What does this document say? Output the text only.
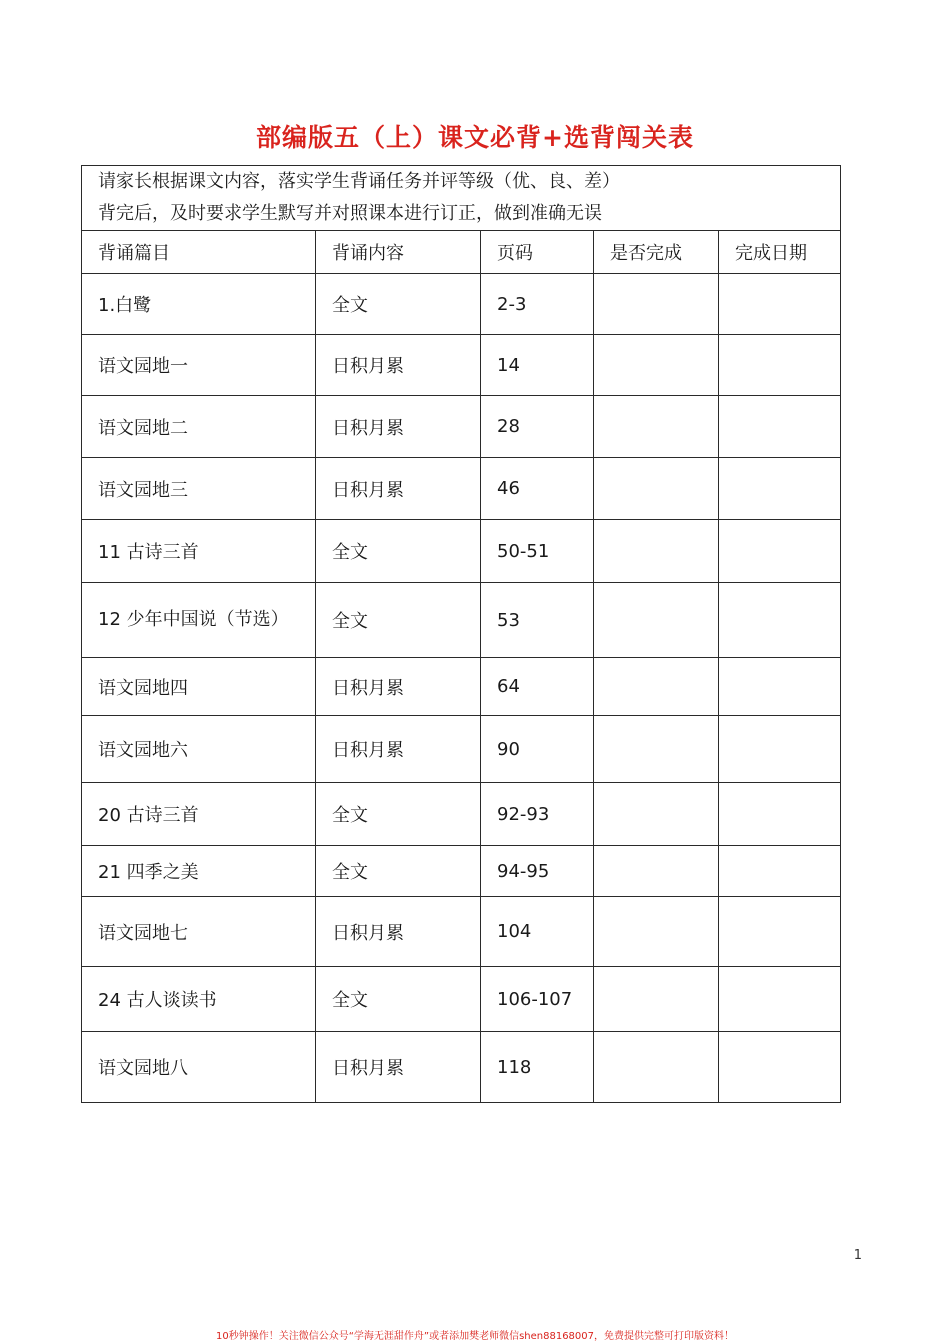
部编版五（上）课文必背+选背闯关表
请家长根据课文内容，落实学生背诵任务并评等级（优、良、差）
背完后，及时要求学生默写并对照课本进行订正，做到准确无误				

背诵篇目	背诵内容	页码	是否完成	完成日期
1.白鹭	全文	2-3		
语文园地一	日积月累	14		
语文园地二	日积月累	28		
语文园地三	日积月累	46		
11 古诗三首	全文	50-51		
12 少年中国说（节选）	全文	53		
语文园地四	日积月累	64		
语文园地六	日积月累	90		
20 古诗三首	全文	92-93		
21 四季之美	全文	94-95		
语文园地七	日积月累	104		
24 古人谈读书	全文	106-107		
语文园地八	日积月累	118		
1
10秒钟操作！关注微信公众号“学海无涯甜作舟”或者添加樊老师微信shen88168007，免费提供完整可打印版资料！
